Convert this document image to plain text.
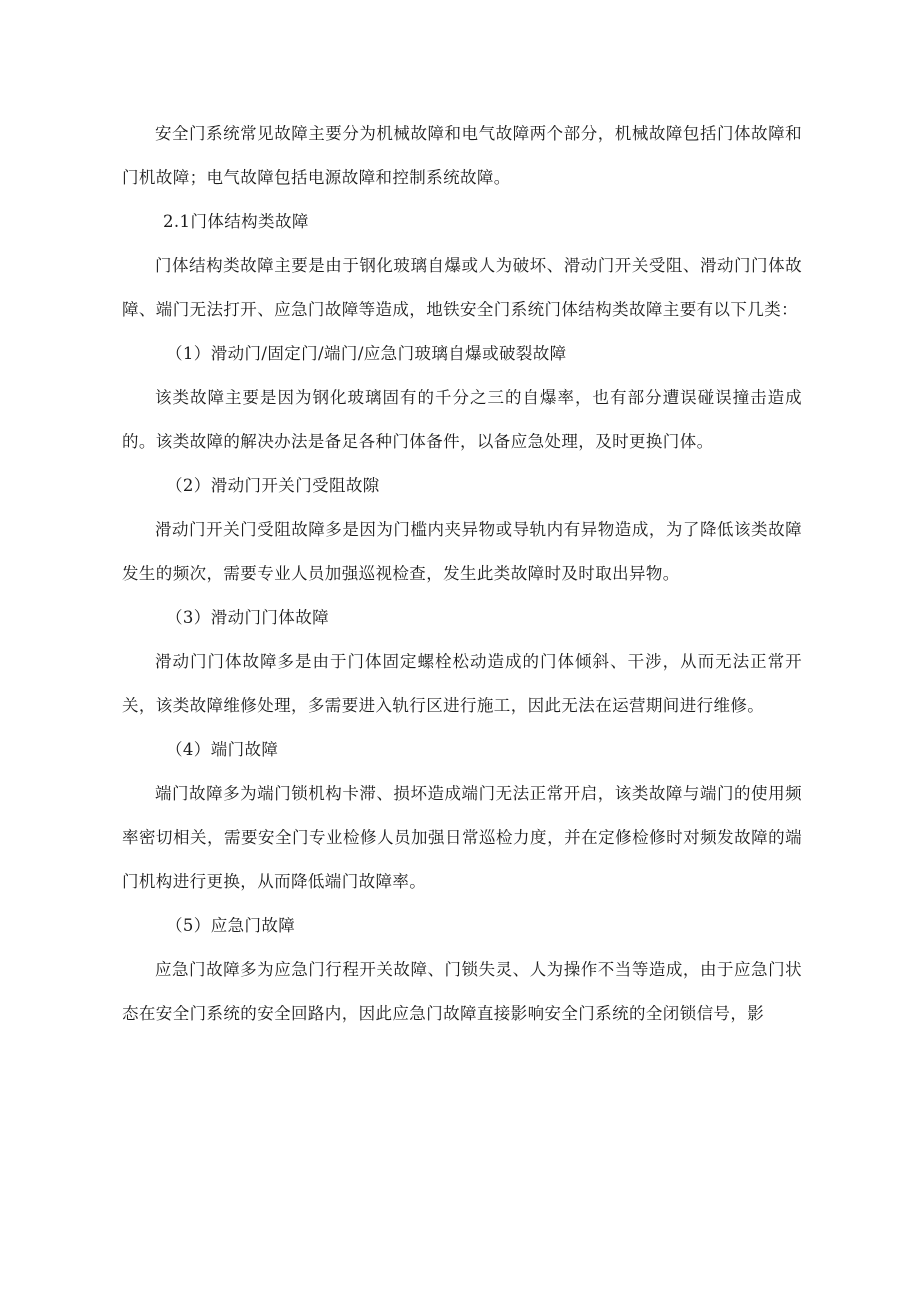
安全门系统常见故障主要分为机械故障和电气故障两个部分，机械故障包括门体故障和门机故障；电气故障包括电源故障和控制系统故障。

2.1门体结构类故障

门体结构类故障主要是由于钢化玻璃自爆或人为破坏、滑动门开关受阻、滑动门门体故障、端门无法打开、应急门故障等造成，地铁安全门系统门体结构类故障主要有以下几类：

（1）滑动门/固定门/端门/应急门玻璃自爆或破裂故障

该类故障主要是因为钢化玻璃固有的千分之三的自爆率，也有部分遭误碰误撞击造成的。该类故障的解决办法是备足各种门体备件，以备应急处理，及时更换门体。

（2）滑动门开关门受阻故隙

滑动门开关门受阻故障多是因为门槛内夹异物或导轨内有异物造成，为了降低该类故障发生的频次，需要专业人员加强巡视检查，发生此类故障时及时取出异物。

（3）滑动门门体故障

滑动门门体故障多是由于门体固定螺栓松动造成的门体倾斜、干涉，从而无法正常开关，该类故障维修处理，多需要进入轨行区进行施工，因此无法在运营期间进行维修。

（4）端门故障

端门故障多为端门锁机构卡滞、损坏造成端门无法正常开启，该类故障与端门的使用频率密切相关，需要安全门专业检修人员加强日常巡检力度，并在定修检修时对频发故障的端门机构进行更换，从而降低端门故障率。

（5）应急门故障

应急门故障多为应急门行程开关故障、门锁失灵、人为操作不当等造成，由于应急门状态在安全门系统的安全回路内，因此应急门故障直接影响安全门系统的全闭锁信号，影
